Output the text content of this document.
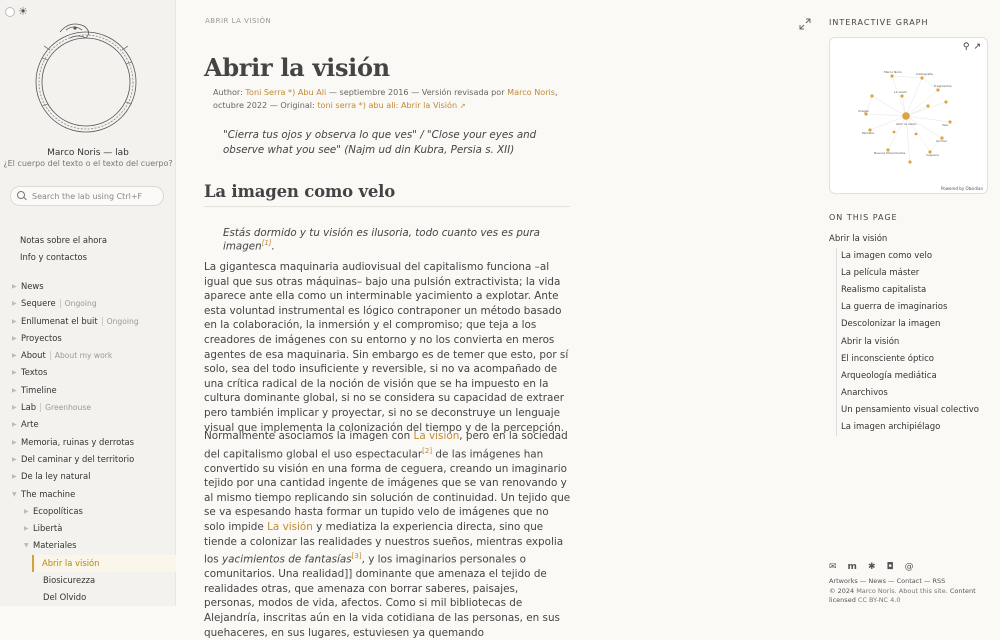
☀
Marco Noris — lab
¿El cuerpo del texto o el texto del cuerpo?
Search the lab using Ctrl+F
Notas sobre el ahora
Info y contactos
▶ News
▶ Sequere	Ongoing
▶ Enllumenat el buit	Ongoing
▶ Proyectos
▶ About	About my work
▶ Textos
▶ Timeline
▶ Lab	Greenhouse
▶ Arte
▶ Memoria, ruinas y derrotas
▶ Del caminar y del territorio
▶ De la ley natural
▼ The machine
▶ Ecopolíticas
▶ Libertà
▼ Materiales
Abrir la visión
Biosicurezza
Del Olvido
ABRIR LA VISIÓN
Abrir la visión
Author: Toni Serra *) Abu Ali — septiembre 2016 — Versión revisada por Marco Noris, octubre 2022 — Original: toni serra *) abu ali: Abrir la Visión ↗
"Cierra tus ojos y observa lo que ves" / "Close your eyes and observe what you see" (Najm ud din Kubra, Persia s. XII)
La imagen como velo
Estás dormido y tu visión es ilusoria, todo cuanto ves es pura imagen[1].

La gigantesca maquinaria audiovisual del capitalismo funciona –al igual que sus otras máquinas– bajo una pulsión extractivista; la vida aparece ante ella como un interminable yacimiento a explotar. Ante esta voluntad instrumental es lógico contraponer un método basado en la colaboración, la inmersión y el compromiso; que teja a los creadores de imágenes con su entorno y no los convierta en meros agentes de esa maquinaria. Sin embargo es de temer que esto, por sí solo, sea del todo insuficiente y reversible, si no va acompañado de una crítica radical de la noción de visión que se ha impuesto en la cultura dominante global, si no se considera su capacidad de extraer pero también implicar y proyectar, si no se deconstruye un lenguaje visual que implementa la colonización del tiempo y de la percepción.

Normalmente asociamos la imagen con La visión, pero en la sociedad del capitalismo global el uso espectacular[2] de las imágenes han convertido su visión en una forma de ceguera, creando un imaginario tejido por una cantidad ingente de imágenes que se van renovando y al mismo tiempo replicando sin solución de continuidad. Un tejido que se va espesando hasta formar un tupido velo de imágenes que no solo impide La visión y mediatiza la experiencia directa, sino que tiende a colonizar las realidades y nuestros sueños, mientras expolia los yacimientos de fantasías[3], y los imaginarios personales o comunitarios. Una realidad]] dominante que amenaza el tejido de realidades otras, que amenaza con borrar saberes, paisajes, personas, modos de vida, afectos. Como si mil bibliotecas de Alejandría, inscritas aún en la vida cotidiana de las personas, en sus quehaceres, en sus lugares, estuviesen ya quemando

INTERACTIVE GRAPH
Marco Noris	Cartografía
Fragmentos
Abrir la visión
La visión
Pantalla
Imagen
Velo
Archivo
Ceguera
Nuevos Movimientos
⚲ ↗
Powered by Obsidian
ON THIS PAGE
Abrir la visión
La imagen como velo
La película máster
Realismo capitalista
La guerra de imaginarios
Descolonizar la imagen
Abrir la visión
El inconsciente óptico
Arqueología mediática
Anarchivos
Un pensamiento visual colectivo
La imagen archipiélago
✉ m ✱ ◘ @
Artworks — News — Contact — RSS
© 2024 Marco Noris. About this site. Content licensed CC BY-NC 4.0
